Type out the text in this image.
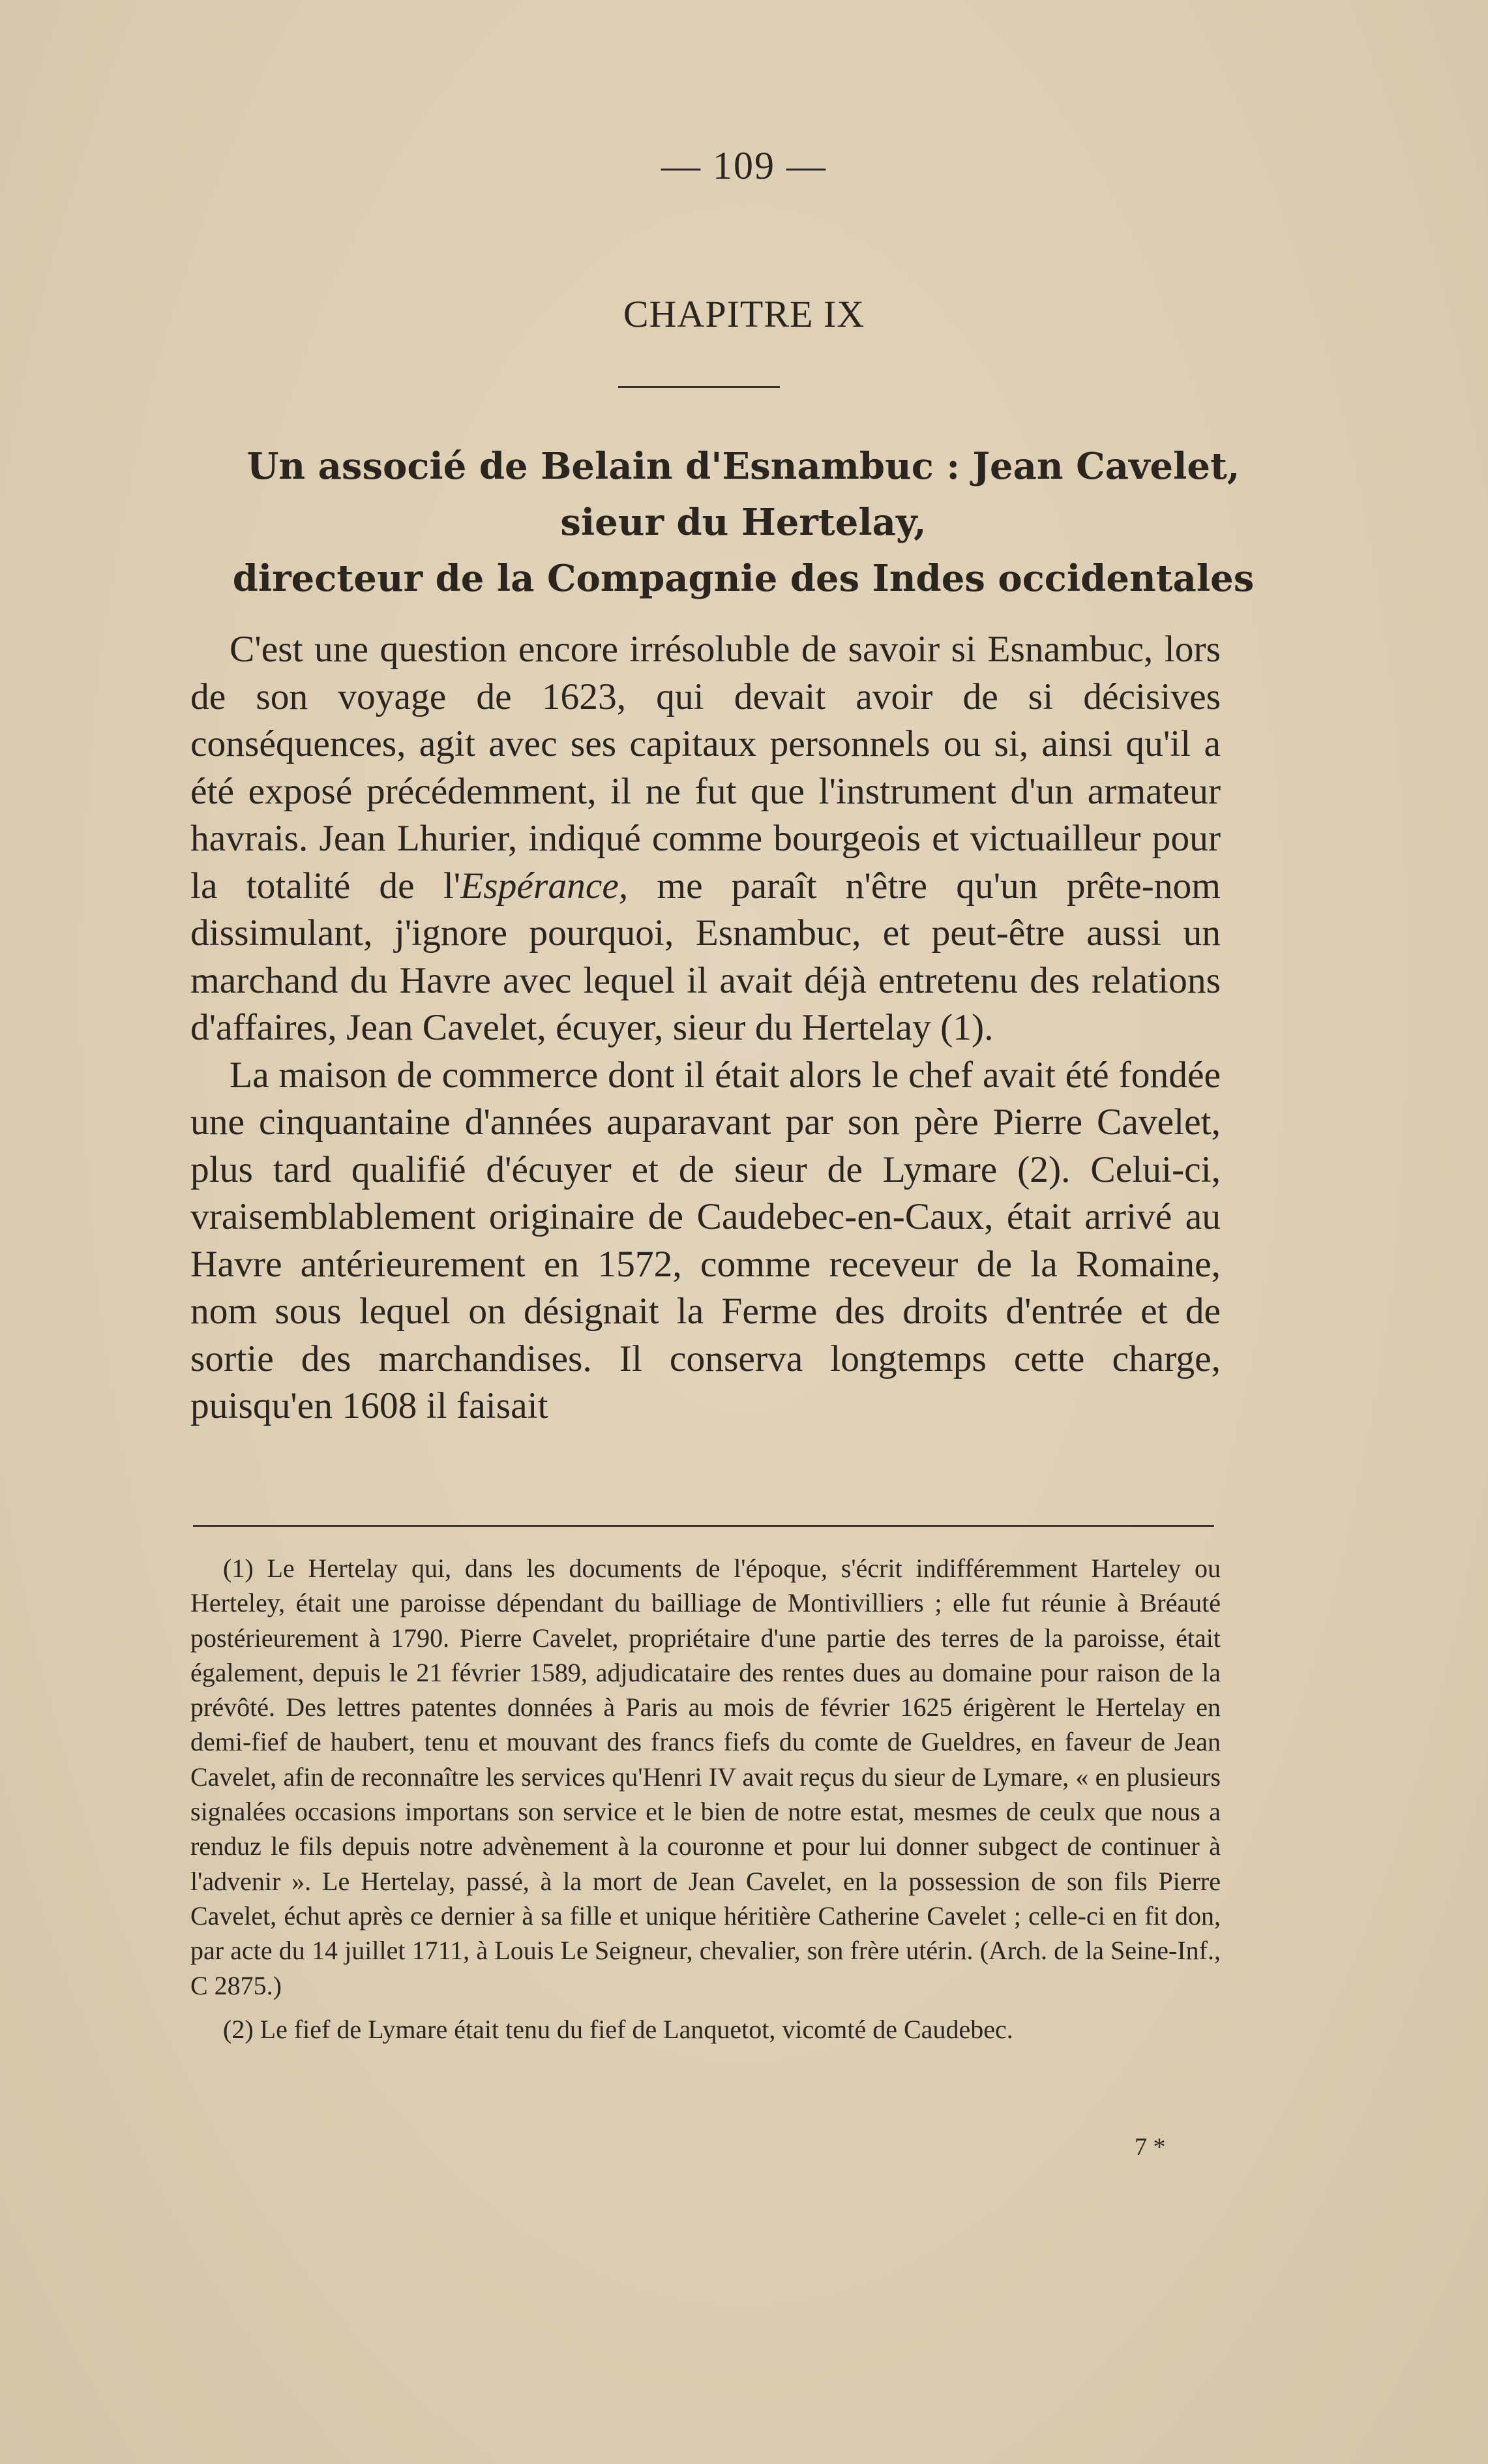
— 109 —
CHAPITRE IX
Un associé de Belain d'Esnambuc : Jean Cavelet,
sieur du Hertelay,
directeur de la Compagnie des Indes occidentales

C'est une question encore irrésoluble de savoir si Esnambuc, lors de son voyage de 1623, qui devait avoir de si décisives conséquences, agit avec ses capitaux personnels ou si, ainsi qu'il a été exposé précédemment, il ne fut que l'instrument d'un armateur havrais. Jean Lhurier, indiqué comme bourgeois et victuailleur pour la totalité de l'Espérance, me paraît n'être qu'un prête-nom dissimulant, j'ignore pourquoi, Esnambuc, et peut-être aussi un marchand du Havre avec lequel il avait déjà entretenu des relations d'affaires, Jean Cavelet, écuyer, sieur du Hertelay (1).

La maison de commerce dont il était alors le chef avait été fondée une cinquantaine d'années auparavant par son père Pierre Cavelet, plus tard qualifié d'écuyer et de sieur de Lymare (2). Celui-ci, vraisemblablement originaire de Caudebec-en-Caux, était arrivé au Havre antérieurement en 1572, comme receveur de la Romaine, nom sous lequel on désignait la Ferme des droits d'entrée et de sortie des marchandises. Il conserva longtemps cette charge, puisqu'en 1608 il faisait

(1) Le Hertelay qui, dans les documents de l'époque, s'écrit indifféremment Harteley ou Herteley, était une paroisse dépendant du bailliage de Montivilliers ; elle fut réunie à Bréauté postérieurement à 1790. Pierre Cavelet, propriétaire d'une partie des terres de la paroisse, était également, depuis le 21 février 1589, adjudicataire des rentes dues au domaine pour raison de la prévôté. Des lettres patentes données à Paris au mois de février 1625 érigèrent le Hertelay en demi-fief de haubert, tenu et mouvant des francs fiefs du comte de Gueldres, en faveur de Jean Cavelet, afin de reconnaître les services qu'Henri IV avait reçus du sieur de Lymare, « en plusieurs signalées occasions importans son service et le bien de notre estat, mesmes de ceulx que nous a renduz le fils depuis notre advènement à la couronne et pour lui donner subgect de continuer à l'advenir ». Le Hertelay, passé, à la mort de Jean Cavelet, en la possession de son fils Pierre Cavelet, échut après ce dernier à sa fille et unique héritière Catherine Cavelet ; celle-ci en fit don, par acte du 14 juillet 1711, à Louis Le Seigneur, chevalier, son frère utérin. (Arch. de la Seine-Inf., C 2875.)

(2) Le fief de Lymare était tenu du fief de Lanquetot, vicomté de Caudebec.

7 *
